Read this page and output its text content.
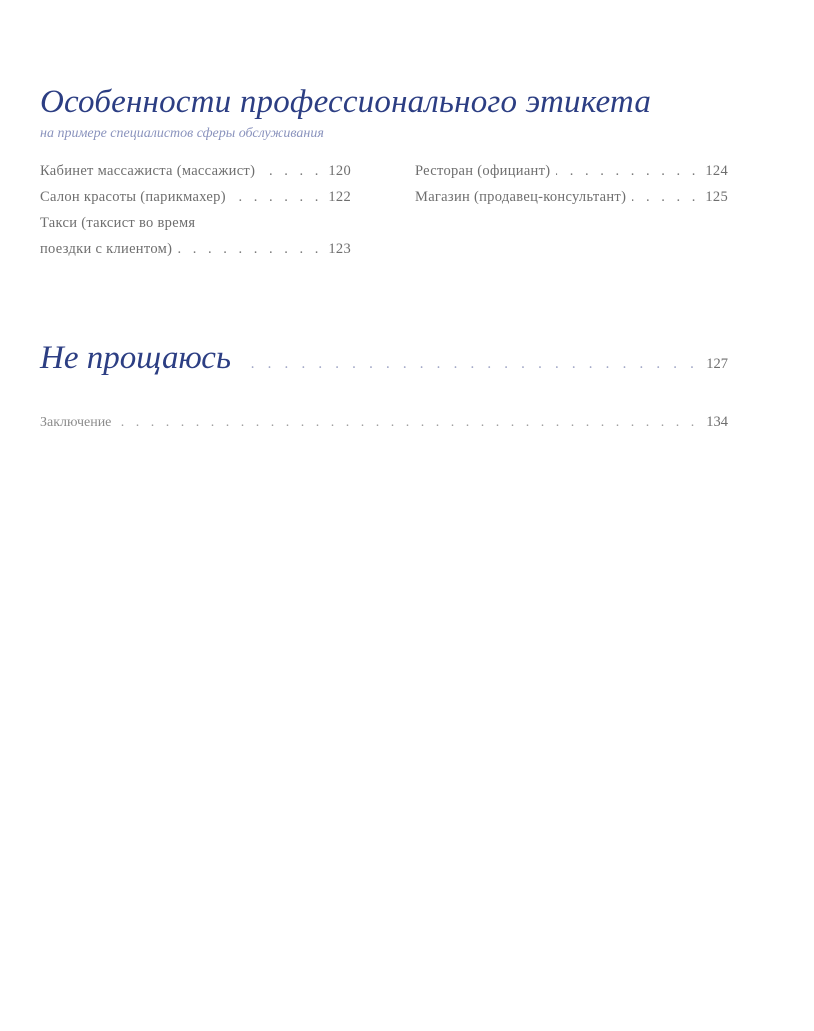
Особенности профессионального этикета
на примере специалистов сферы обслуживания
Кабинет массажиста (массажист) . . .	120
Салон красоты (парикмахер) . . .	122
Такси (таксист во время
поездки с клиентом) . . .	123
Ресторан (официант) . . .	124
Магазин (продавец-консультант) . . .	125
Не прощаюсь . . .	127
Заключение . . .	134
